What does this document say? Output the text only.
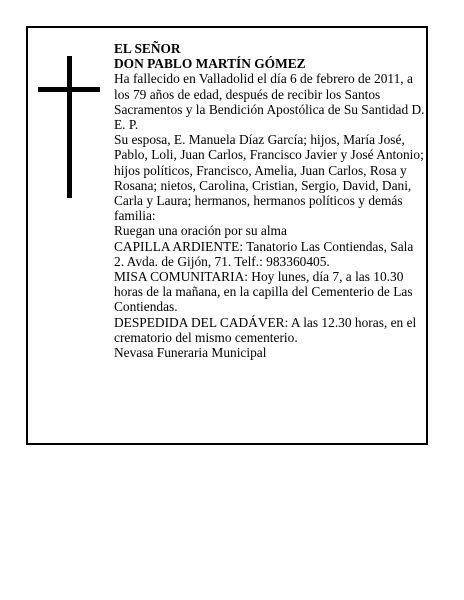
EL SEÑOR

DON PABLO MARTÍN GÓMEZ

Ha fallecido en Valladolid el día 6 de febrero de 2011, a los 79 años de edad, después de recibir los Santos Sacramentos y la Bendición Apostólica de Su Santidad D. E. P.

Su esposa, E. Manuela Díaz García; hijos, María José, Pablo, Loli, Juan Carlos, Francisco Javier y José Antonio; hijos políticos, Francisco, Amelia, Juan Carlos, Rosa y Rosana; nietos, Carolina, Cristian, Sergio, David, Dani, Carla y Laura; hermanos, hermanos políticos y demás familia:

Ruegan una oración por su alma

CAPILLA ARDIENTE: Tanatorio Las Contiendas, Sala 2. Avda. de Gijón, 71. Telf.: 983360405.

MISA COMUNITARIA: Hoy lunes, día 7, a las 10.30 horas de la mañana, en la capilla del Cementerio de Las Contiendas.

DESPEDIDA DEL CADÁVER: A las 12.30 horas, en el crematorio del mismo cementerio.

Nevasa Funeraria Municipal
